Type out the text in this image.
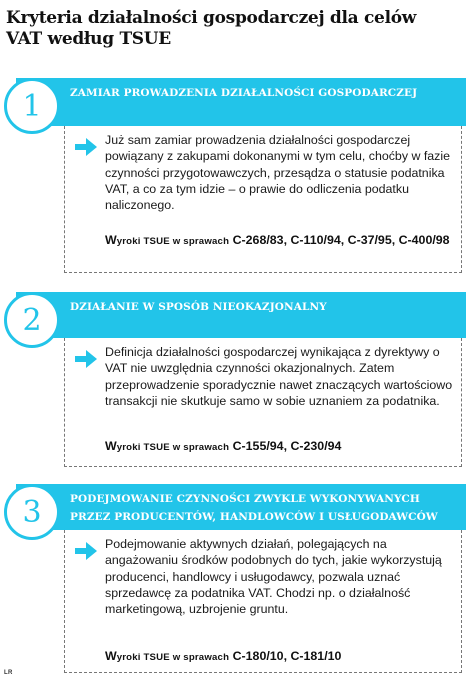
Kryteria działalności gospodarczej dla celów VAT według TSUE
ZAMIAR PROWADZENIA DZIAŁALNOŚCI GOSPODARCZEJ
1
Już sam zamiar prowadzenia działalności gospodarczej powiązany z zakupami dokonanymi w tym celu, choćby w fazie czynności przygotowawczych, przesądza o statusie podatnika VAT, a co za tym idzie – o prawie do odliczenia podatku naliczonego.
Wyroki TSUE w sprawach C-268/83, C-110/94, C-37/95, C-400/98
DZIAŁANIE W SPOSÓB NIEOKAZJONALNY
2
Definicja działalności gospodarczej wynikająca z dyrektywy o VAT nie uwzględnia czynności okazjonalnych. Zatem przeprowadzenie sporadycznie nawet znaczących wartościowo transakcji nie skutkuje samo w sobie uznaniem za podatnika.
Wyroki TSUE w sprawach C-155/94, C-230/94
PODEJMOWANIE CZYNNOŚCI ZWYKLE WYKONYWANYCH PRZEZ PRODUCENTÓW, HANDLOWCÓW I USŁUGODAWCÓW
3
Podejmowanie aktywnych działań, polegających na angażowaniu środków podobnych do tych, jakie wykorzystują producenci, handlowcy i usługodawcy, pozwala uznać sprzedawcę za podatnika VAT. Chodzi np. o działalność marketingową, uzbrojenie gruntu.
Wyroki TSUE w sprawach C-180/10, C-181/10
LR
